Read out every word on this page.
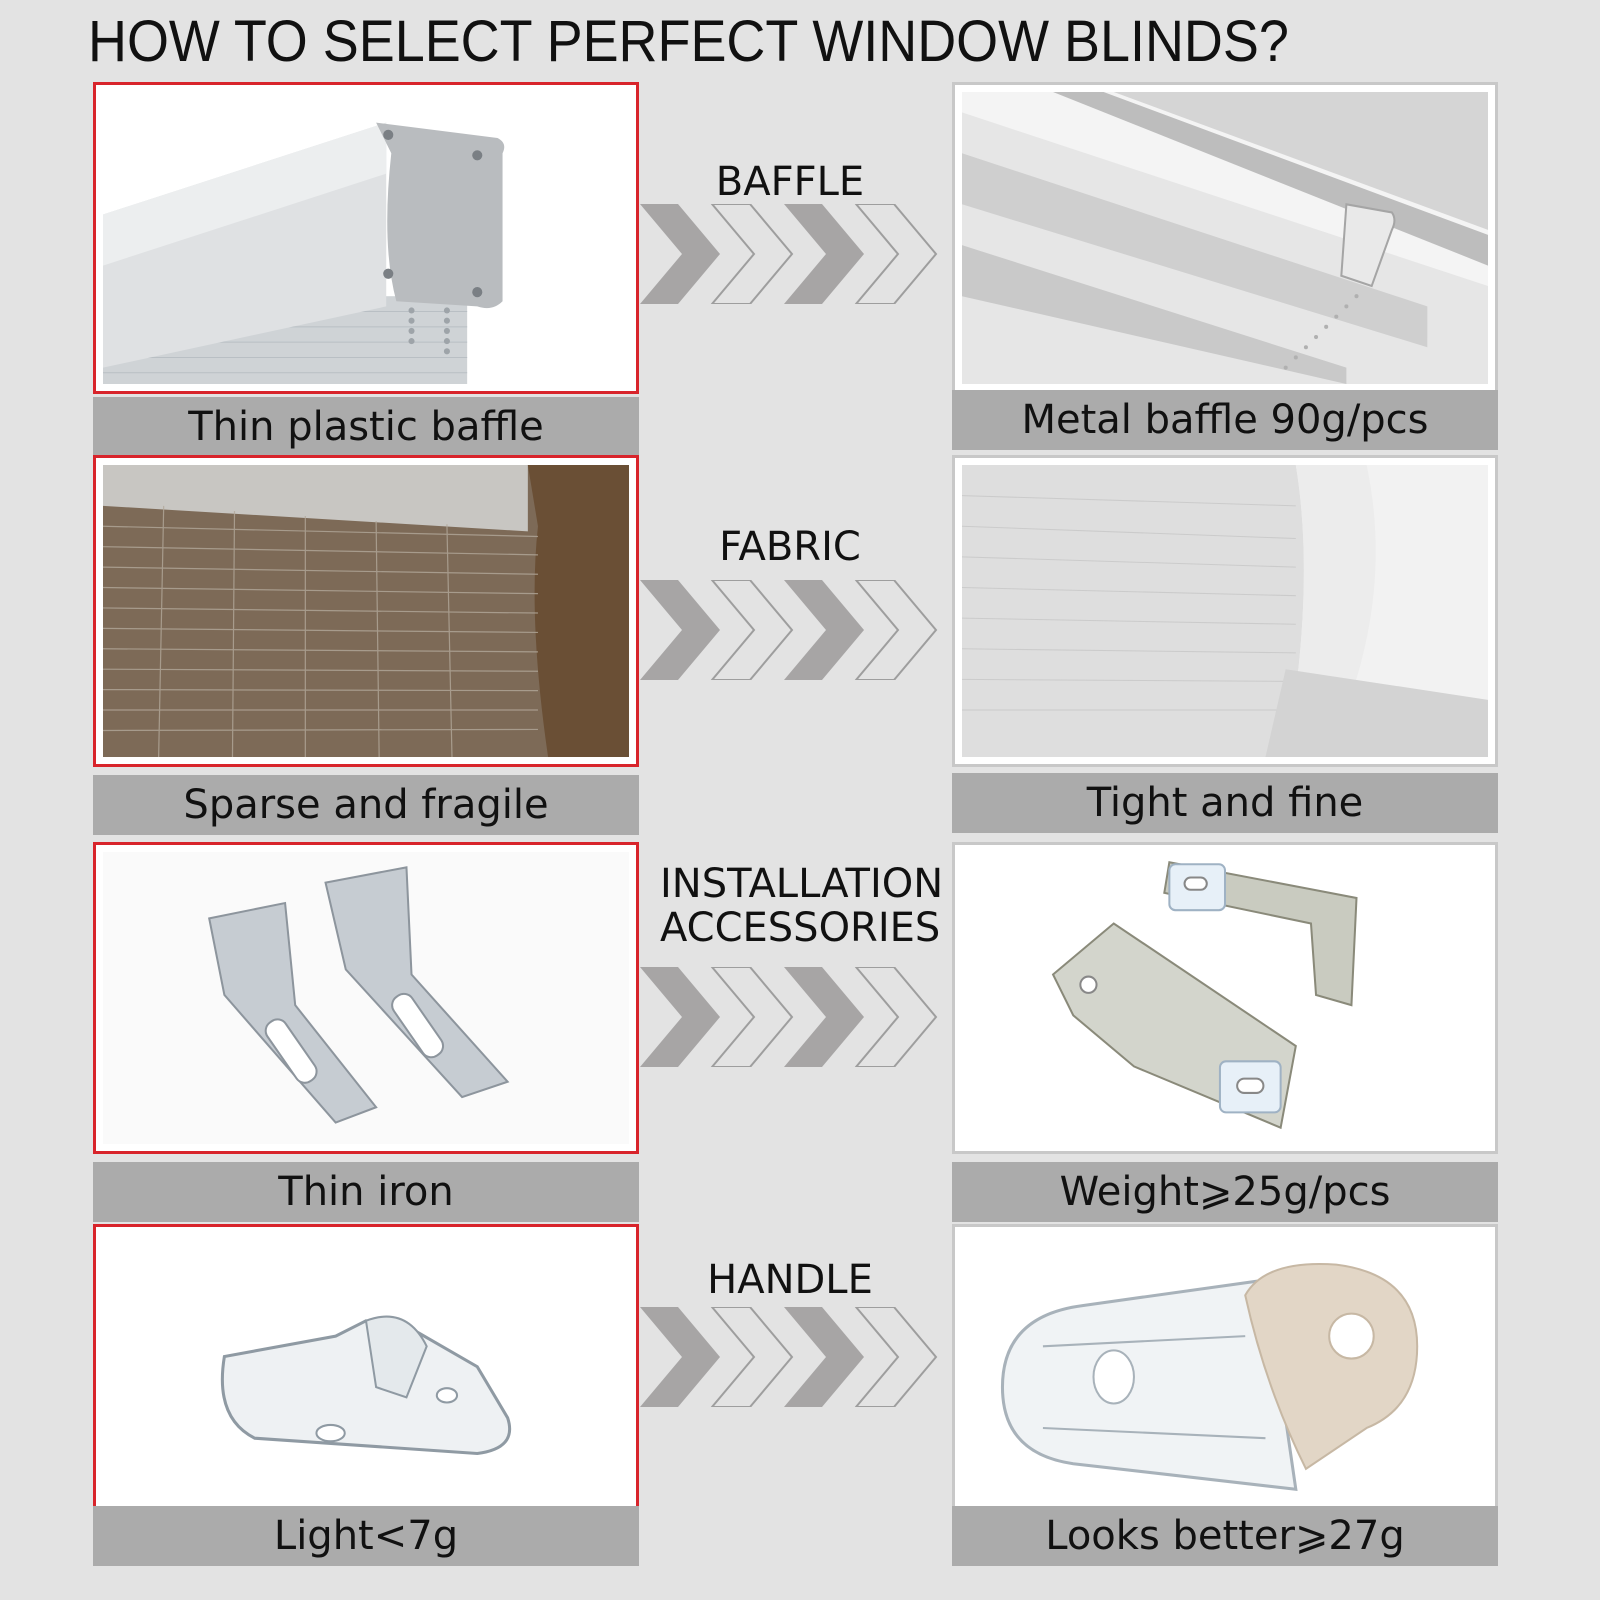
HOW TO SELECT PERFECT WINDOW BLINDS?
Thin plastic baffle
BAFFLE
Metal baffle 90g/pcs
Sparse and fragile
FABRIC
Tight and fine
Thin iron
INSTALLATION
ACCESSORIES
Weight⩾25g/pcs
Light<7g
HANDLE
Looks better⩾27g
